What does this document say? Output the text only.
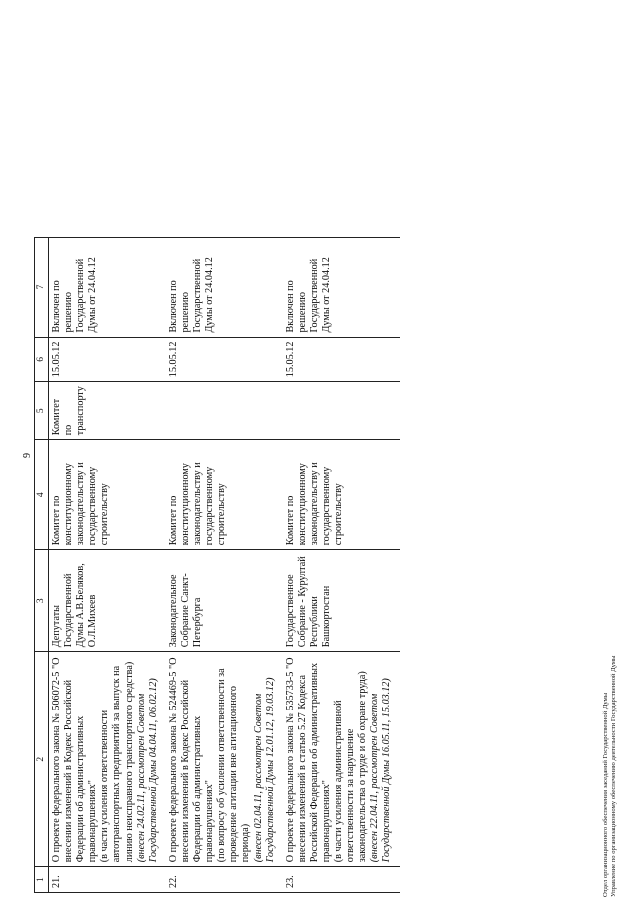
9
1	2	3	4	5	6	7
21.	О проекте федерального закона № 506072-5 "О внесении изменений в Кодекс Российской Федерации об административных правонарушениях" (в части усиления ответственности автотранспортных предприятий за выпуск на линию неисправного транспортного средства) (внесен 24.02.11, рассмотрен Советом Государственной Думы 04.04.11, 06.02.12)	Депутаты Государственной Думы А.В.Беляков, О.Л.Михеев	Комитет по конституционному законодательству и государственному строительству	Комитет по транспорту	15.05.12	Включен по решению Государственной Думы от 24.04.12
22.	О проекте федерального закона № 524469-5 "О внесении изменений в Кодекс Российской Федерации об административных правонарушениях" (по вопросу об усилении ответственности за проведение агитации вне агитационного периода) (внесен 02.04.11, рассмотрен Советом Государственной Думы 12.01.12, 19.03.12)	Законодательное Собрание Санкт-Петербурга	Комитет по конституционному законодательству и государственному строительству		15.05.12	Включен по решению Государственной Думы от 24.04.12
23.	О проекте федерального закона № 535733-5 "О внесении изменений в статью 5.27 Кодекса Российской Федерации об административных правонарушениях" (в части усиления административной ответственности за нарушение законодательства о труде и об охране труда) (внесен 22.04.11, рассмотрен Советом Государственной Думы 16.05.11, 15.03.12)	Государственное Собрание - Курултай Республики Башкортостан	Комитет по конституционному законодательству и государственному строительству		15.05.12	Включен по решению Государственной Думы от 24.04.12
Отдел организационного обеспечения заседаний Государственной Думы Управление по организационному обеспечению деятельности Государственной Думы
